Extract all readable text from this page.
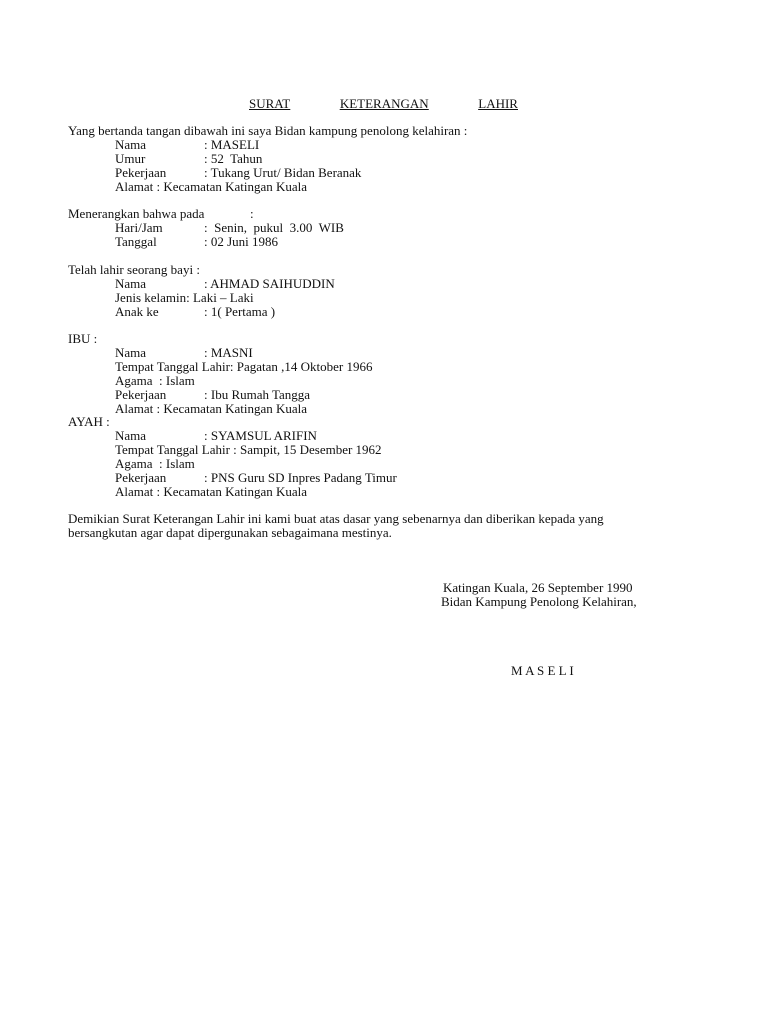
SURAT	KETERANGAN	LAHIR
Yang bertanda tangan dibawah ini saya Bidan kampung penolong kelahiran :
Nama	: MASELI
Umur	: 52  Tahun
Pekerjaan	: Tukang Urut/ Bidan Beranak
Alamat : Kecamatan Katingan Kuala
Menerangkan bahwa pada	:
Hari/Jam	:  Senin,  pukul  3.00  WIB
Tanggal	: 02 Juni 1986
Telah lahir seorang bayi :
Nama	: AHMAD SAIHUDDIN
Jenis kelamin: Laki – Laki
Anak ke	: 1( Pertama )
IBU :
Nama	: MASNI
Tempat Tanggal Lahir: Pagatan ,14 Oktober 1966
Agama  : Islam
Pekerjaan	: Ibu Rumah Tangga
Alamat : Kecamatan Katingan Kuala
AYAH :
Nama	: SYAMSUL ARIFIN
Tempat Tanggal Lahir : Sampit, 15 Desember 1962
Agama  : Islam
Pekerjaan	: PNS Guru SD Inpres Padang Timur
Alamat : Kecamatan Katingan Kuala
Demikian Surat Keterangan Lahir ini kami buat atas dasar yang sebenarnya dan diberikan kepada yang
bersangkutan agar dapat dipergunakan sebagaimana mestinya.
Katingan Kuala, 26 September 1990
Bidan Kampung Penolong Kelahiran,
M A S E L I
